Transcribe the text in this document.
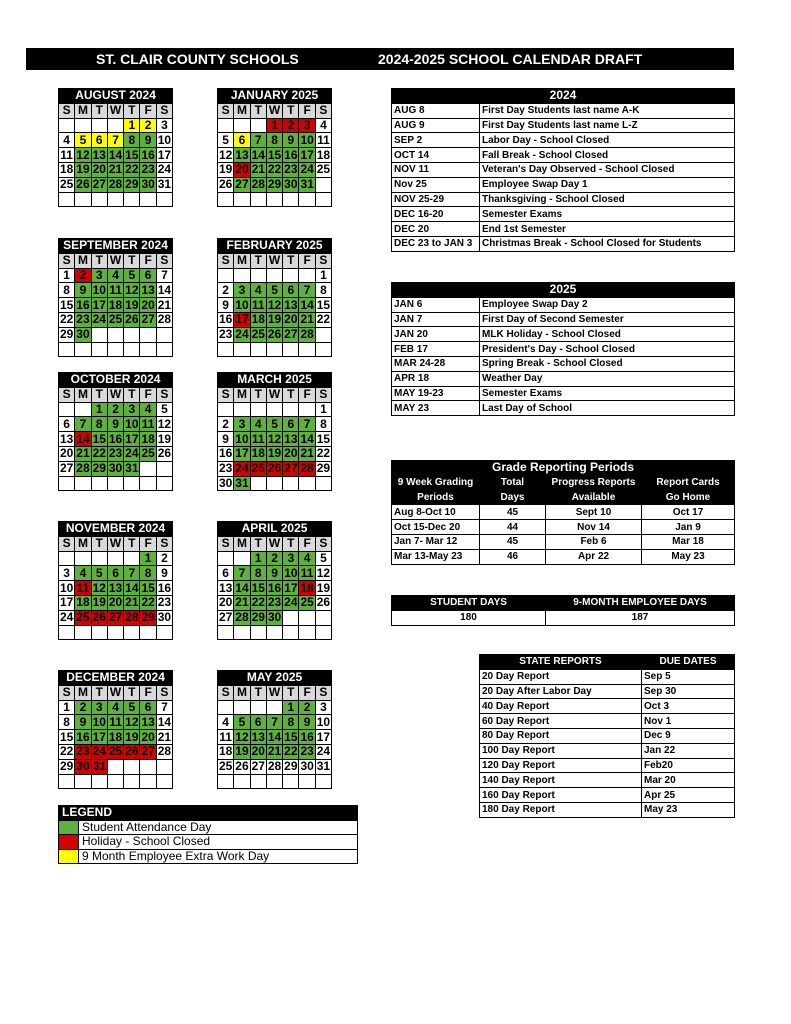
ST. CLAIR COUNTY SCHOOLS	2024-2025 SCHOOL CALENDAR DRAFT
AUGUST 2024						
S	M	T	W	T	F	S
				1	2	3
4	5	6	7	8	9	10
11	12	13	14	15	16	17
18	19	20	21	22	23	24
25	26	27	28	29	30	31

JANUARY 2025						
S	M	T	W	T	F	S
			1	2	3	4
5	6	7	8	9	10	11
12	13	14	15	16	17	18
19	20	21	22	23	24	25
26	27	28	29	30	31	

SEPTEMBER 2024						
S	M	T	W	T	F	S
1	2	3	4	5	6	7
8	9	10	11	12	13	14
15	16	17	18	19	20	21
22	23	24	25	26	27	28
29	30					

FEBRUARY 2025						
S	M	T	W	T	F	S
						1
2	3	4	5	6	7	8
9	10	11	12	13	14	15
16	17	18	19	20	21	22
23	24	25	26	27	28	

OCTOBER 2024						
S	M	T	W	T	F	S
		1	2	3	4	5
6	7	8	9	10	11	12
13	14	15	16	17	18	19
20	21	22	23	24	25	26
27	28	29	30	31		

MARCH 2025						
S	M	T	W	T	F	S
						1
2	3	4	5	6	7	8
9	10	11	12	13	14	15
16	17	18	19	20	21	22
23	24	25	26	27	28	29
30	31					
NOVEMBER 2024						
S	M	T	W	T	F	S
					1	2
3	4	5	6	7	8	9
10	11	12	13	14	15	16
17	18	19	20	21	22	23
24	25	26	27	28	29	30

APRIL 2025						
S	M	T	W	T	F	S
		1	2	3	4	5
6	7	8	9	10	11	12
13	14	15	16	17	18	19
20	21	22	23	24	25	26
27	28	29	30			

DECEMBER 2024						
S	M	T	W	T	F	S
1	2	3	4	5	6	7
8	9	10	11	12	13	14
15	16	17	18	19	20	21
22	23	24	25	26	27	28
29	30	31				

MAY 2025						
S	M	T	W	T	F	S
				1	2	3
4	5	6	7	8	9	10
11	12	13	14	15	16	17
18	19	20	21	22	23	24
25	26	27	28	29	30	31

2024	
AUG 8	First Day Students last name A-K
AUG 9	First Day Students last name L-Z
SEP 2	Labor Day - School Closed
OCT 14	Fall Break - School Closed
NOV 11	Veteran's Day Observed - School Closed
Nov 25	Employee Swap Day 1
NOV 25-29	Thanksgiving - School Closed
DEC 16-20	Semester Exams
DEC 20	End 1st Semester
DEC 23 to JAN 3	Christmas Break - School Closed for Students
2025	
JAN 6	Employee Swap Day 2
JAN 7	First Day of Second Semester
JAN 20	MLK Holiday - School Closed
FEB 17	President's Day - School Closed
MAR 24-28	Spring Break - School Closed
APR 18	Weather Day
MAY 19-23	Semester Exams
MAY 23	Last Day of School
Grade Reporting Periods			
9 Week Grading	Total	Progress Reports	Report Cards
Periods	Days	Available	Go Home
Aug 8-Oct 10	45	Sept 10	Oct 17
Oct 15-Dec 20	44	Nov 14	Jan 9
Jan 7- Mar 12	45	Feb 6	Mar 18
Mar 13-May 23	46	Apr 22	May 23
STUDENT DAYS	9-MONTH EMPLOYEE DAYS
180	187
STATE REPORTS	DUE DATES
20 Day Report	Sep 5
20 Day After Labor Day	Sep 30
40 Day Report	Oct 3
60 Day Report	Nov 1
80 Day Report	Dec 9
100 Day Report	Jan 22
120 Day Report	Feb20
140 Day Report	Mar 20
160 Day Report	Apr 25
180 Day Report	May 23
LEGEND	
	Student Attendance Day
	Holiday - School Closed
	9 Month Employee Extra Work Day
